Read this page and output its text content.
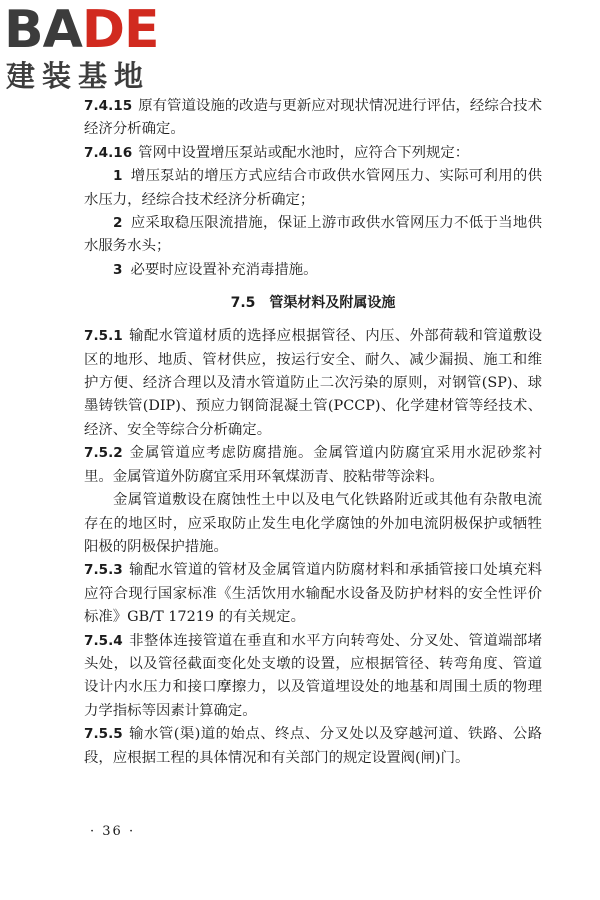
BADE
建装基地

7.4.15 原有管道设施的改造与更新应对现状情况进行评估，经综合技术经济分析确定。

7.4.16 管网中设置增压泵站或配水池时，应符合下列规定：

1 增压泵站的增压方式应结合市政供水管网压力、实际可利用的供水压力，经综合技术经济分析确定；

2 应采取稳压限流措施，保证上游市政供水管网压力不低于当地供水服务水头；

3 必要时应设置补充消毒措施。

7.5 管渠材料及附属设施

7.5.1 输配水管道材质的选择应根据管径、内压、外部荷载和管道敷设区的地形、地质、管材供应，按运行安全、耐久、减少漏损、施工和维护方便、经济合理以及清水管道防止二次污染的原则，对钢管(SP)、球墨铸铁管(DIP)、预应力钢筒混凝土管(PCCP)、化学建材管等经技术、经济、安全等综合分析确定。

7.5.2 金属管道应考虑防腐措施。金属管道内防腐宜采用水泥砂浆衬里。金属管道外防腐宜采用环氧煤沥青、胶粘带等涂料。

金属管道敷设在腐蚀性土中以及电气化铁路附近或其他有杂散电流存在的地区时，应采取防止发生电化学腐蚀的外加电流阴极保护或牺牲阳极的阴极保护措施。

7.5.3 输配水管道的管材及金属管道内防腐材料和承插管接口处填充料应符合现行国家标准《生活饮用水输配水设备及防护材料的安全性评价标准》GB/T 17219 的有关规定。

7.5.4 非整体连接管道在垂直和水平方向转弯处、分叉处、管道端部堵头处，以及管径截面变化处支墩的设置，应根据管径、转弯角度、管道设计内水压力和接口摩擦力，以及管道埋设处的地基和周围土质的物理力学指标等因素计算确定。

7.5.5 输水管(渠)道的始点、终点、分叉处以及穿越河道、铁路、公路段，应根据工程的具体情况和有关部门的规定设置阀(闸)门。

· 36 ·
